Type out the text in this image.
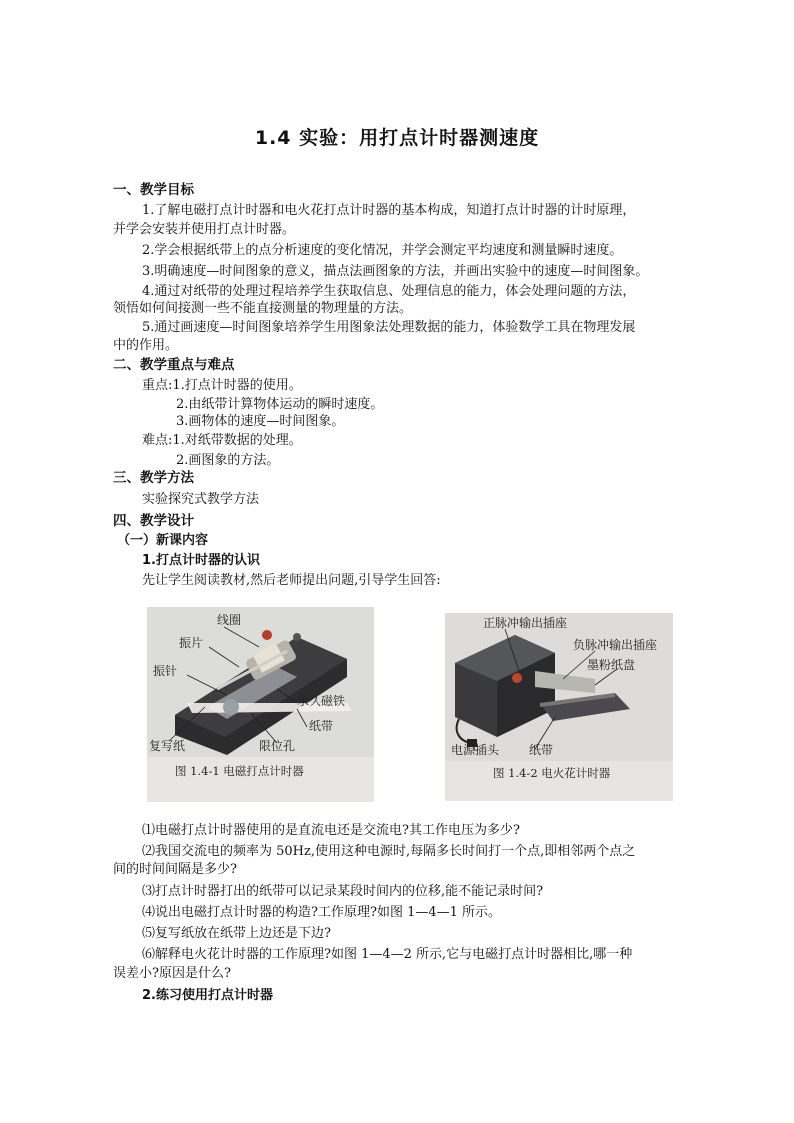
1.4 实验：用打点计时器测速度
一、教学目标
1.了解电磁打点计时器和电火花打点计时器的基本构成，知道打点计时器的计时原理，
并学会安装并使用打点计时器。
2.学会根据纸带上的点分析速度的变化情况，并学会测定平均速度和测量瞬时速度。
3.明确速度—时间图象的意义，描点法画图象的方法，并画出实验中的速度—时间图象。
4.通过对纸带的处理过程培养学生获取信息、处理信息的能力，体会处理问题的方法，
领悟如何间接测一些不能直接测量的物理量的方法。
5.通过画速度—时间图象培养学生用图象法处理数据的能力，体验数学工具在物理发展
中的作用。
二、教学重点与难点
重点:1.打点计时器的使用。
2.由纸带计算物体运动的瞬时速度。
3.画物体的速度—时间图象。
难点:1.对纸带数据的处理。
2.画图象的方法。
三、教学方法
实验探究式教学方法
四、教学设计
（一）新课内容
1.打点计时器的认识
先让学生阅读教材,然后老师提出问题,引导学生回答:
线圈
振片
振针
永久磁铁
纸带
复写纸	限位孔
图 1.4-1 电磁打点计时器
正脉冲输出插座
负脉冲输出插座
墨粉纸盘
电源插头 纸带
图 1.4-2 电火花计时器
⑴电磁打点计时器使用的是直流电还是交流电?其工作电压为多少?
⑵我国交流电的频率为 50Hz,使用这种电源时,每隔多长时间打一个点,即相邻两个点之
间的时间间隔是多少?
⑶打点计时器打出的纸带可以记录某段时间内的位移,能不能记录时间?
⑷说出电磁打点计时器的构造?工作原理?如图 1—4—1 所示。
⑸复写纸放在纸带上边还是下边?
⑹解释电火花计时器的工作原理?如图 1—4—2 所示,它与电磁打点计时器相比,哪一种
误差小?原因是什么?
2.练习使用打点计时器
